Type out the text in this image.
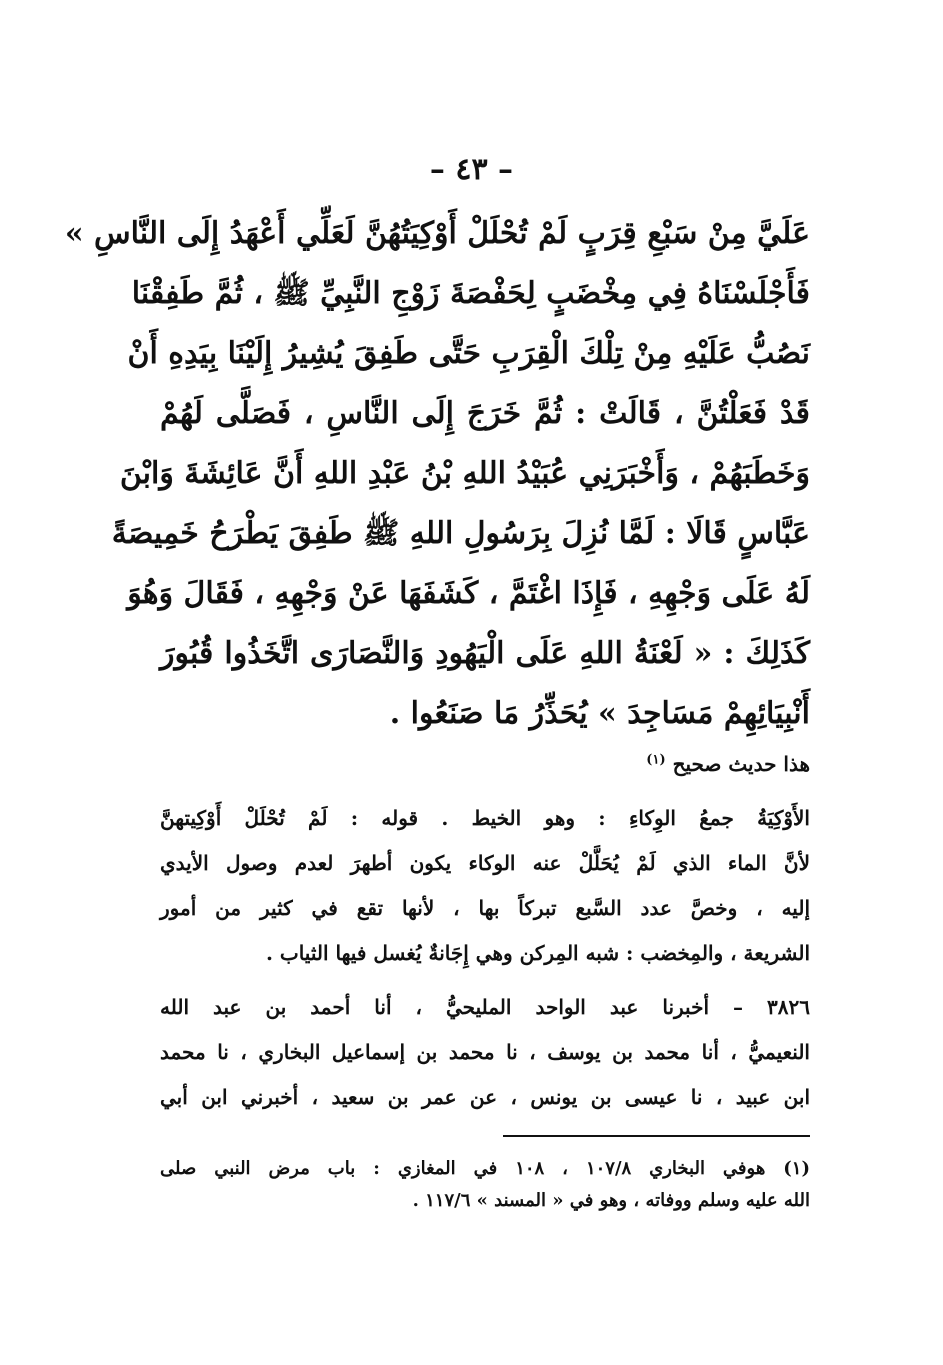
– ٤٣ –
عَلَيَّ مِنْ سَبْعِ قِرَبٍ لَمْ تُحْلَلْ أَوْكِيَتُهُنَّ لَعَلِّي أَعْهَدُ إِلَى النَّاسِ »
فَأَجْلَسْنَاهُ فِي مِخْضَبٍ لِحَفْصَةَ زَوْجِ النَّبِيِّ ﷺ ، ثُمَّ طَفِقْنَا
نَصُبُّ عَلَيْهِ مِنْ تِلْكَ الْقِرَبِ حَتَّى طَفِقَ يُشِيرُ إِلَيْنَا بِيَدِهِ أَنْ
قَدْ فَعَلْتُنَّ ، قَالَتْ : ثُمَّ خَرَجَ إِلَى النَّاسِ ، فَصَلَّى لَهُمْ
وَخَطَبَهُمْ ، وَأَخْبَرَنِي عُبَيْدُ اللهِ بْنُ عَبْدِ اللهِ أَنَّ عَائِشَةَ وَابْنَ
عَبَّاسٍ قَالَا : لَمَّا نُزِلَ بِرَسُولِ اللهِ ﷺ طَفِقَ يَطْرَحُ خَمِيصَةً
لَهُ عَلَى وَجْهِهِ ، فَإِذَا اغْتَمَّ ، كَشَفَهَا عَنْ وَجْهِهِ ، فَقَالَ وَهُوَ
كَذَلِكَ : « لَعْنَةُ اللهِ عَلَى الْيَهُودِ وَالنَّصَارَى اتَّخَذُوا قُبُورَ
أَنْبِيَائِهِمْ مَسَاجِدَ » يُحَذِّرُ مَا صَنَعُوا .
هذا حديث صحيح $^{(١)}$
الأَوْكِيَةُ جمعُ الوِكاءِ : وهو الخيط . قوله : لَمْ تُحْلَلْ أَوْكِيتهنَّ
لأنَّ الماء الذي لَمْ يُحَلَّلْ عنه الوكاء يكون أطهرَ لعدم وصول الأيدي
إليه ، وخصَّ عدد السَّبع تبركاً بها ، لأنها تقع في كثير من أمور
الشريعة ، والمِخضب : شبه المِركن وهي إِجَانةٌ يُغسل فيها الثياب .
٣٨٢٦ – أخبرنا عبد الواحد المليحيُّ ، أنا أحمد بن عبد الله
النعيميُّ ، أنا محمد بن يوسف ، نا محمد بن إسماعيل البخاري ، نا محمد
ابن عبيد ، نا عيسى بن يونس ، عن عمر بن سعيد ، أخبرني ابن أبي
(١) هوفي البخاري ١٠٧/٨ ، ١٠٨ في المغازي : باب مرض النبي صلى
الله عليه وسلم ووفاته ، وهو في « المسند » ١١٧/٦ .
